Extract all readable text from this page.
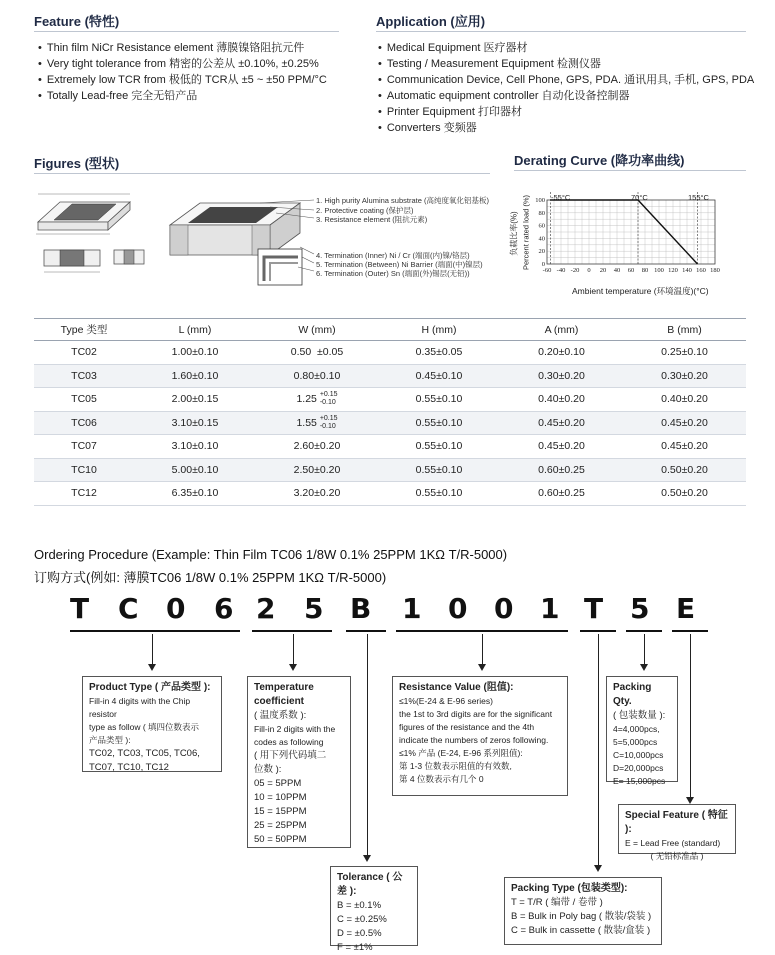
Feature (特性)
• Thin film NiCr Resistance element 薄膜镍铬阻抗元件
• Very tight tolerance from 精密的公差从 ±0.10%, ±0.25%
• Extremely low TCR from 极低的 TCR从 ±5 ~ ±50 PPM/°C
• Totally Lead-free 完全无铅产品
Application (应用)
• Medical Equipment 医疗器材
• Testing / Measurement Equipment 检测仪器
• Communication Device, Cell Phone, GPS, PDA. 通讯用具, 手机, GPS, PDA
• Automatic equipment controller 自动化设备控制器
• Printer Equipment 打印器材
• Converters 变频器
Figures (型状)
1. High purity Alumina substrate (高纯度氧化铝基板)
2. Protective coating (保护层)
3. Resistance element (阻抗元素)
4. Termination (Inner) Ni / Cr (端面(内)镍/铬层)
5. Termination (Between) Ni Barrier (端面(中)镍层)
6. Termination (Outer) Sn (端面(外)锡层(无铅))
Derating Curve (降功率曲线)
负载比率(%) Percent rated load (%)
-60 -40 -20 0 20 40 60 80 100 120 140 160 180
0
20
40
60
80
100 -55°C	70°C	155°C
Ambient temperature (环境温度)(°C)
Type 类型	L (mm)	W (mm)	H (mm)	A (mm)	B (mm)
TC02	1.00±0.10	0.50  ±0.05	0.35±0.05	0.20±0.10	0.25±0.10
TC03	1.60±0.10	0.80±0.10	0.45±0.10	0.30±0.20	0.30±0.20
TC05	2.00±0.15	1.25 +0.15
-0.10	0.55±0.10	0.40±0.20	0.40±0.20
TC06	3.10±0.15	1.55 +0.15
-0.10	0.55±0.10	0.45±0.20	0.45±0.20
TC07	3.10±0.10	2.60±0.20	0.55±0.10	0.45±0.20	0.45±0.20
TC10	5.00±0.10	2.50±0.20	0.55±0.10	0.60±0.25	0.50±0.20
TC12	6.35±0.10	3.20±0.20	0.55±0.10	0.60±0.25	0.50±0.20
Ordering Procedure (Example: Thin Film TC06 1/8W 0.1% 25PPM 1KΩ T/R-5000)
订购方式(例如: 薄膜TC06 1/8W 0.1% 25PPM 1KΩ T/R-5000)
T C 0 6 2 5 B 1 0 0 1 T 5 E
Product Type ( 产品类型 ):
Fill-in 4 digits with the Chip resistor
type as follow ( 填四位数表示
产品类型 ):
TC02, TC03, TC05, TC06,
TC07, TC10, TC12
Temperature coefficient
( 温度系数 ):
Fill-in 2 digits with the
codes as following
( 用下列代码填二
位数 ):
05 = 5PPM
10 = 10PPM
15 = 15PPM
25 = 25PPM
50 = 50PPM
Resistance Value (阻值):
≤1%(E-24 & E-96 series)
the 1st to 3rd digits are for the significant
figures of the resistance and the 4th
indicate the numbers of zeros following.
≤1% 产品 (E-24, E-96 系列阻值):
第 1-3 位数表示阻值的有效数,
第 4 位数表示有几个 0
Packing Qty.
( 包装数量 ):
4=4,000pcs,
5=5,000pcs
C=10,000pcs
D=20,000pcs
E= 15,000pcs
Special Feature ( 特征 ):
E = Lead Free (standard)
( 无铅标准品 )
Tolerance ( 公差 ):
B = ±0.1%
C = ±0.25%
D = ±0.5%
F = ±1%
Packing Type (包装类型):
T = T/R ( 编带 / 卷带 )
B = Bulk in Poly bag ( 散装/袋装 )
C = Bulk in cassette ( 散装/盒装 )
